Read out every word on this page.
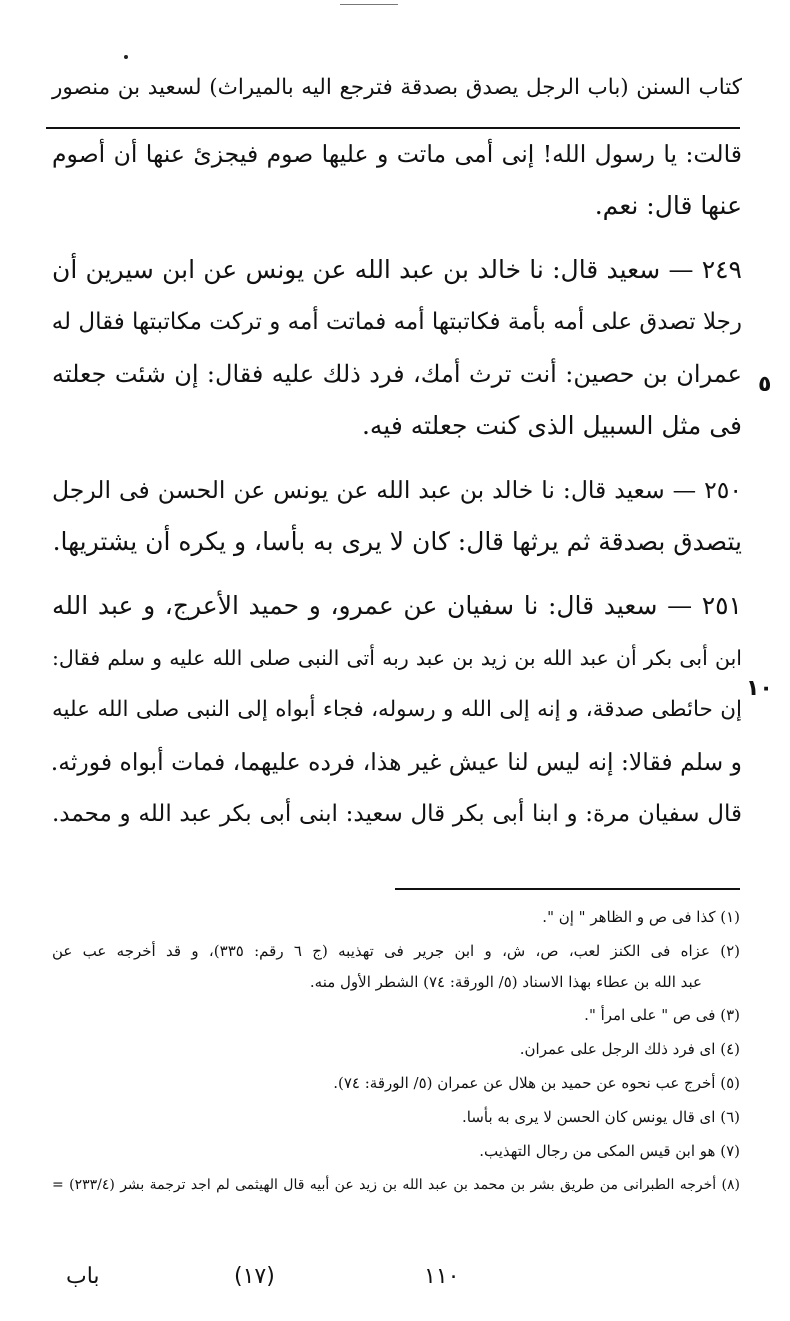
كتاب السنن (باب الرجل يصدق بصدقة فترجع اليه بالميراث) لسعيد بن منصور
قالت: يا رسول الله! إنى أمى ماتت و عليها صوم فيجزئ عنها أن أصوم
عنها قال: نعم.
٢٤٩ — سعيد قال: نا خالد بن عبد الله عن يونس عن ابن سيرين أن
رجلا تصدق على أمه بأمة فكاتبتها أمه فماتت أمه و تركت مكاتبتها فقال له
عمران بن حصين: أنت ترث أمك، فرد ذلك عليه فقال: إن شئت جعلته
فى مثل السبيل الذى كنت جعلته فيه.
٢٥٠ — سعيد قال: نا خالد بن عبد الله عن يونس عن الحسن فى الرجل
يتصدق بصدقة ثم يرثها قال: كان لا يرى به بأسا، و يكره أن يشتريها.
٢٥١ — سعيد قال: نا سفيان عن عمرو، و حميد الأعرج، و عبد الله
ابن أبى بكر أن عبد الله بن زيد بن عبد ربه أتى النبى صلى الله عليه و سلم فقال:
إن حائطى صدقة، و إنه إلى الله و رسوله، فجاء أبواه إلى النبى صلى الله عليه
و سلم فقالا: إنه ليس لنا عيش غير هذا، فرده عليهما، فمات أبواه فورثه.
قال سفيان مرة: و ابنا أبى بكر قال سعيد: ابنى أبى بكر عبد الله و محمد.
٥
١٠
(١) كذا فى ص و الظاهر " إن ".
(٢) عزاه فى الكنز لعب، ص، ش، و ابن جرير فى تهذيبه (ج ٦ رقم: ٣٣٥)، و قد أخرجه عب عن
عبد الله بن عطاء بهذا الاسناد (٥/ الورقة: ٧٤) الشطر الأول منه.
(٣) فى ص " على امرأ ".
(٤) اى فرد ذلك الرجل على عمران.
(٥) أخرج عب نحوه عن حميد بن هلال عن عمران (٥/ الورقة: ٧٤).
(٦) اى قال يونس كان الحسن لا يرى به بأسا.
(٧) هو ابن قيس المكى من رجال التهذيب.
(٨) أخرجه الطبرانى من طريق بشر بن محمد بن عبد الله بن زيد عن أبيه قال الهيثمى لم اجد ترجمة بشر (٢٣٣/٤) =
باب	(١٧)	١١٠
